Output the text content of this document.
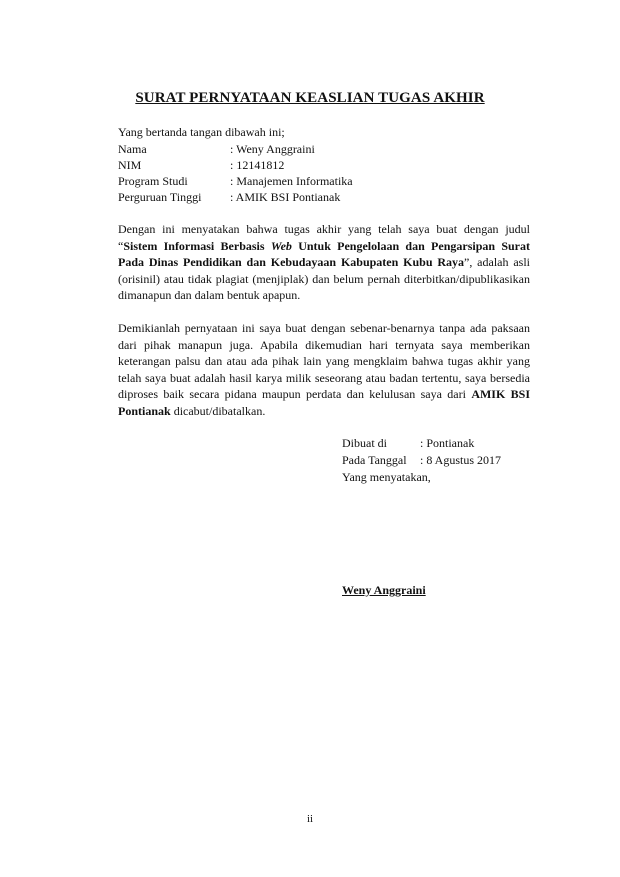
SURAT PERNYATAAN KEASLIAN TUGAS AKHIR
Yang bertanda tangan dibawah ini;
Nama	: Weny Anggraini
NIM	: 12141812
Program Studi	: Manajemen Informatika
Perguruan Tinggi	: AMIK BSI Pontianak
Dengan ini menyatakan bahwa tugas akhir yang telah saya buat dengan judul “Sistem Informasi Berbasis Web Untuk Pengelolaan dan Pengarsipan Surat Pada Dinas Pendidikan dan Kebudayaan Kabupaten Kubu Raya”, adalah asli (orisinil) atau tidak plagiat (menjiplak) dan belum pernah diterbitkan/dipublikasikan dimanapun dan dalam bentuk apapun.
Demikianlah pernyataan ini saya buat dengan sebenar-benarnya tanpa ada paksaan dari pihak manapun juga. Apabila dikemudian hari ternyata saya memberikan keterangan palsu dan atau ada pihak lain yang mengklaim bahwa tugas akhir yang telah saya buat adalah hasil karya milik seseorang atau badan tertentu, saya bersedia diproses baik secara pidana maupun perdata dan kelulusan saya dari AMIK BSI Pontianak dicabut/dibatalkan.
Dibuat di	: Pontianak
Pada Tanggal	: 8 Agustus 2017
Yang menyatakan,
Weny Anggraini
ii
